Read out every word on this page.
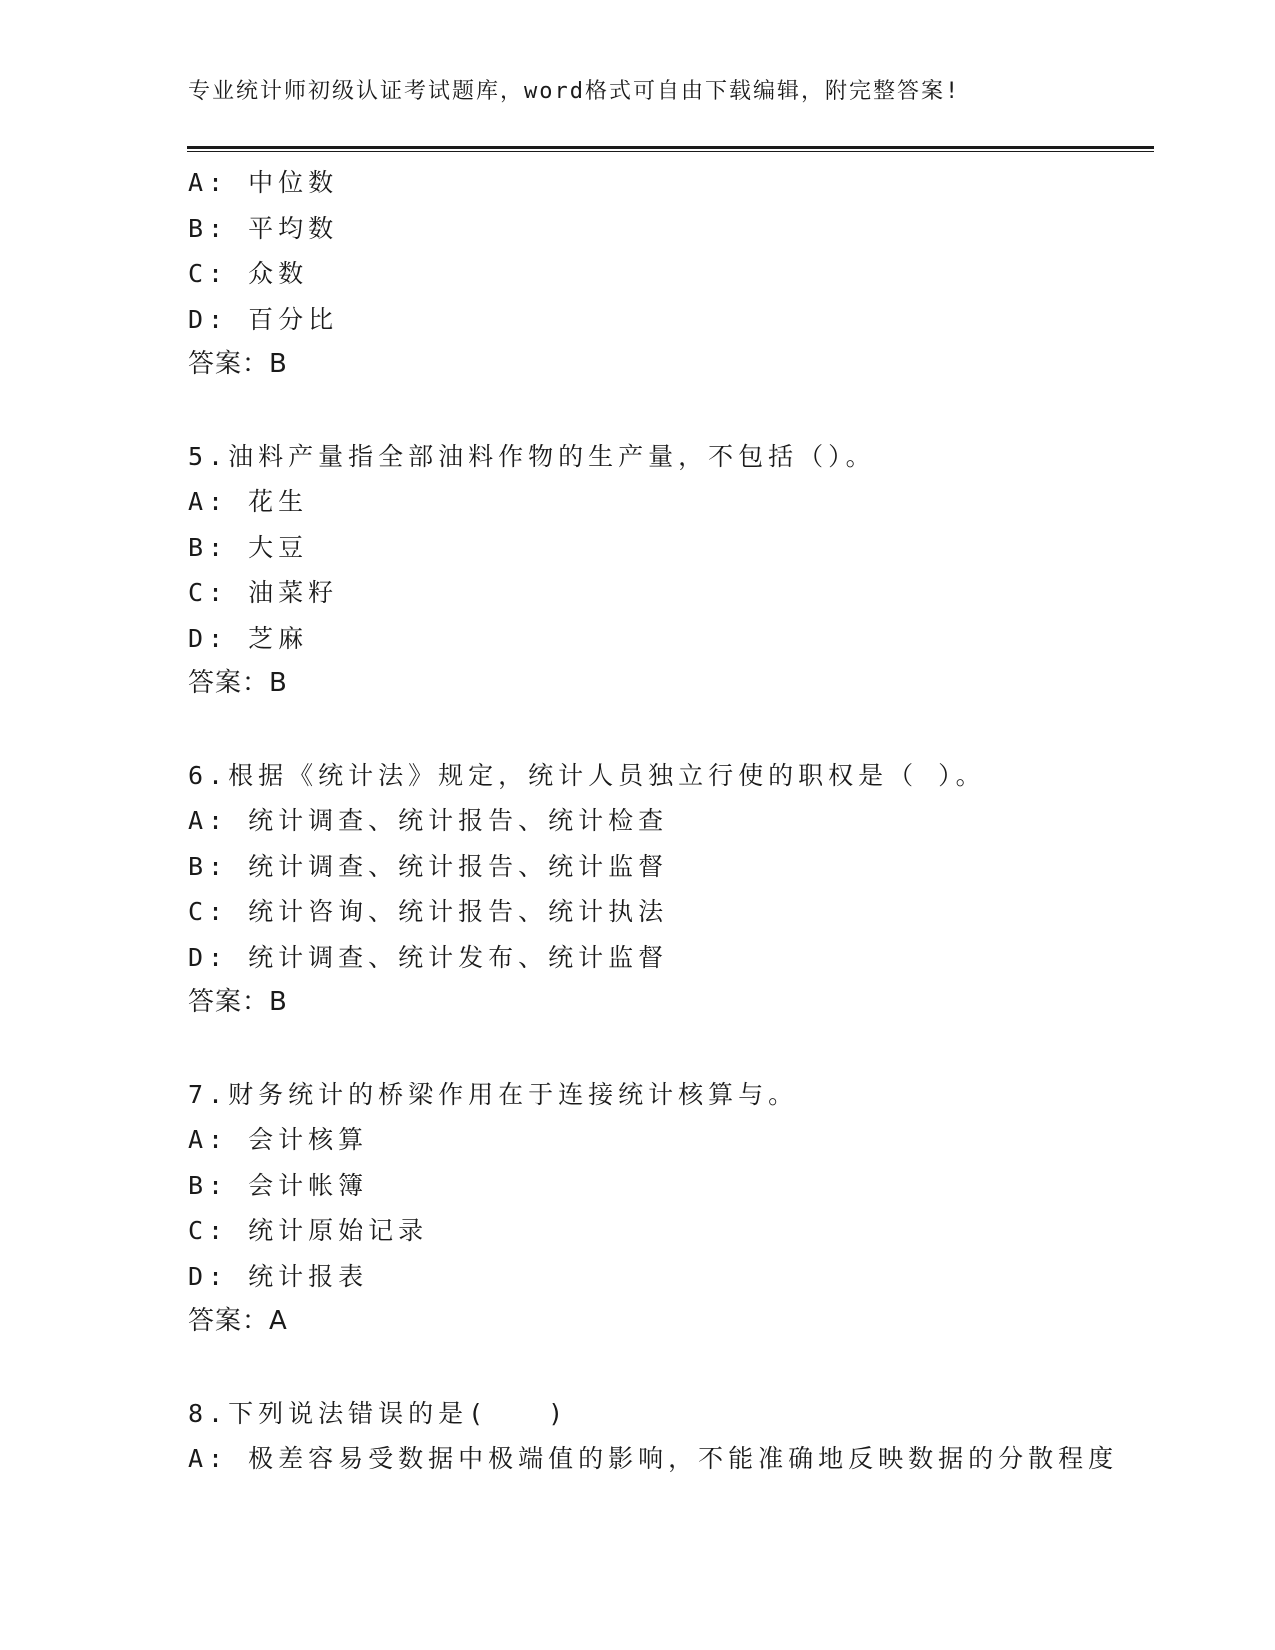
专业统计师初级认证考试题库，word格式可自由下载编辑，附完整答案!
A: 中位数
B: 平均数
C: 众数
D: 百分比
答案：B
5.油料产量指全部油料作物的生产量，不包括（）。
A: 花生
B: 大豆
C: 油菜籽
D: 芝麻
答案：B
6.根据《统计法》规定，统计人员独立行使的职权是（ ）。
A: 统计调查、统计报告、统计检查
B: 统计调查、统计报告、统计监督
C: 统计咨询、统计报告、统计执法
D: 统计调查、统计发布、统计监督
答案：B
7.财务统计的桥梁作用在于连接统计核算与。
A: 会计核算
B: 会计帐簿
C: 统计原始记录
D: 统计报表
答案：A
8.下列说法错误的是(　　)
A: 极差容易受数据中极端值的影响，不能准确地反映数据的分散程度
